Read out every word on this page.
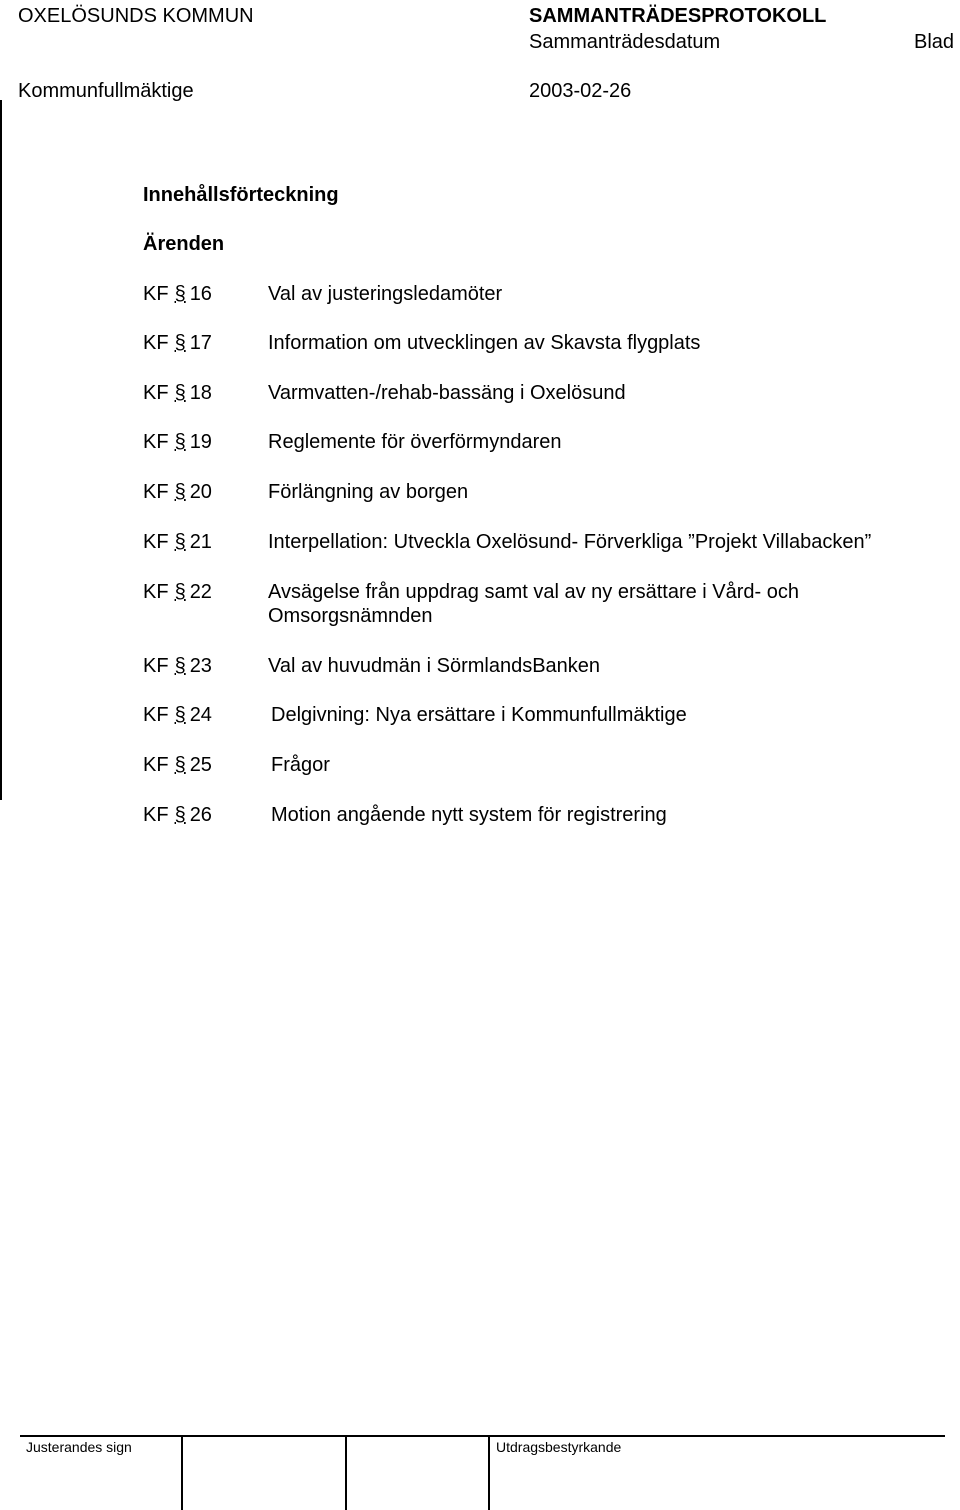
OXELÖSUNDS KOMMUN	SAMMANTRÄDESPROTOKOLL
Sammanträdesdatum	Blad
Kommunfullmäktige	2003-02-26
Innehållsförteckning
Ärenden
KF § 16	Val av justeringsledamöter
KF § 17	Information om utvecklingen av Skavsta flygplats
KF § 18	Varmvatten-/rehab-bassäng i Oxelösund
KF § 19	Reglemente för överförmyndaren
KF § 20	Förlängning av borgen
KF § 21	Interpellation: Utveckla Oxelösund- Förverkliga ”Projekt Villabacken”
KF § 22	Avsägelse från uppdrag samt val av ny ersättare i Vård- och
Omsorgsnämnden
KF § 23	Val av huvudmän i SörmlandsBanken
KF § 24	Delgivning: Nya ersättare i Kommunfullmäktige
KF § 25	Frågor
KF § 26	Motion angående nytt system för registrering
Justerandes sign	Utdragsbestyrkande
